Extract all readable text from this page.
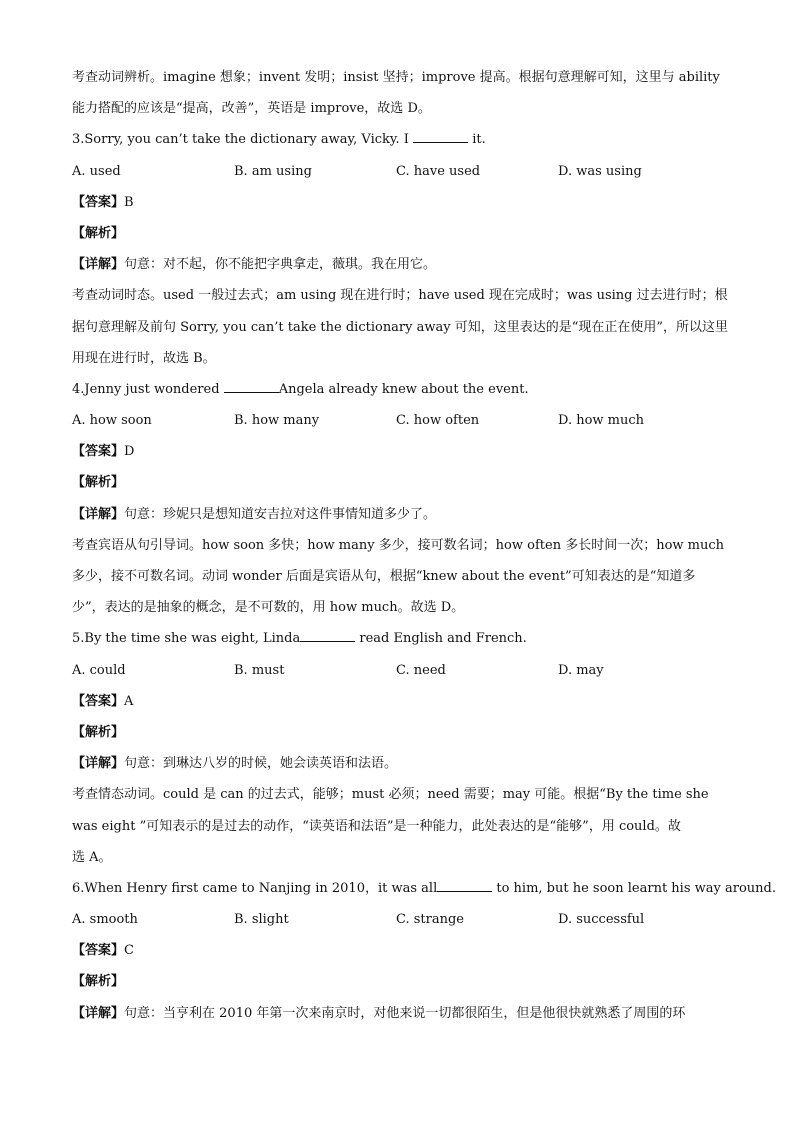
考查动词辨析。imagine 想象；invent 发明；insist 坚持；improve 提高。根据句意理解可知，这里与 ability
能力搭配的应该是“提高，改善”，英语是 improve，故选 D。
3.Sorry, you can’t take the dictionary away, Vicky. I	it.
A. used	B. am using	C. have used	D. was using
【答案】B
【解析】
【详解】句意：对不起，你不能把字典拿走，薇琪。我在用它。
考查动词时态。used 一般过去式；am using 现在进行时；have used 现在完成时；was using 过去进行时；根
据句意理解及前句 Sorry, you can’t take the dictionary away 可知，这里表达的是“现在正在使用”，所以这里
用现在进行时，故选 B。
4.Jenny just wondered	Angela already knew about the event.
A. how soon	B. how many	C. how often	D. how much
【答案】D
【解析】
【详解】句意：珍妮只是想知道安吉拉对这件事情知道多少了。
考查宾语从句引导词。how soon 多快；how many 多少，接可数名词；how often 多长时间一次；how much
多少，接不可数名词。动词 wonder 后面是宾语从句，根据“knew about the event”可知表达的是“知道多
少”，表达的是抽象的概念，是不可数的，用 how much。故选 D。
5.By the time she was eight, Linda	read English and French.
A. could	B. must	C. need	D. may
【答案】A
【解析】
【详解】句意：到琳达八岁的时候，她会读英语和法语。
考查情态动词。could 是 can 的过去式，能够；must 必须；need 需要；may 可能。根据“By the time she
was eight ”可知表示的是过去的动作，“读英语和法语”是一种能力，此处表达的是“能够”，用 could。故
选 A。
6.When Henry first came to Nanjing in 2010，it was all	to him, but he soon learnt his way around.
A. smooth	B. slight	C. strange	D. successful
【答案】C
【解析】
【详解】句意：当亨利在 2010 年第一次来南京时，对他来说一切都很陌生，但是他很快就熟悉了周围的环
